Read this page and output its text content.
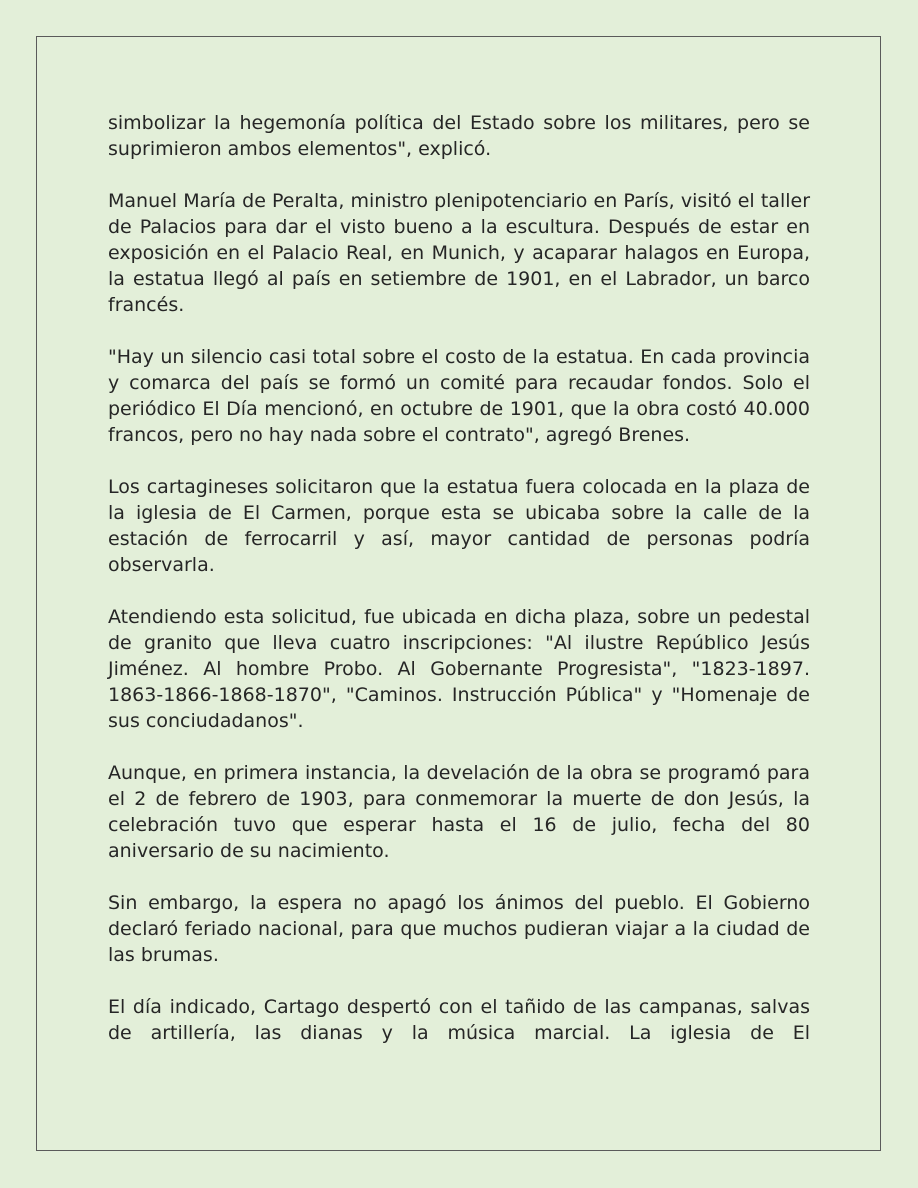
simbolizar la hegemonía política del Estado sobre los militares, pero se suprimieron ambos elementos", explicó.

Manuel María de Peralta, ministro plenipotenciario en París, visitó el taller de Palacios para dar el visto bueno a la escultura. Después de estar en exposición en el Palacio Real, en Munich, y acaparar halagos en Europa, la estatua llegó al país en setiembre de 1901, en el Labrador, un barco francés.

"Hay un silencio casi total sobre el costo de la estatua. En cada provincia y comarca del país se formó un comité para recaudar fondos. Solo el periódico El Día mencionó, en octubre de 1901, que la obra costó 40.000 francos, pero no hay nada sobre el contrato", agregó Brenes.

Los cartagineses solicitaron que la estatua fuera colocada en la plaza de la iglesia de El Carmen, porque esta se ubicaba sobre la calle de la estación de ferrocarril y así, mayor cantidad de personas podría observarla.

Atendiendo esta solicitud, fue ubicada en dicha plaza, sobre un pedestal de granito que lleva cuatro inscripciones: "Al ilustre Repúblico Jesús Jiménez. Al hombre Probo. Al Gobernante Progresista", "1823-1897. 1863-1866-1868-1870", "Caminos. Instrucción Pública" y "Homenaje de sus conciudadanos".

Aunque, en primera instancia, la develación de la obra se programó para el 2 de febrero de 1903, para conmemorar la muerte de don Jesús, la celebración tuvo que esperar hasta el 16 de julio, fecha del 80 aniversario de su nacimiento.

Sin embargo, la espera no apagó los ánimos del pueblo. El Gobierno declaró feriado nacional, para que muchos pudieran viajar a la ciudad de las brumas.

El día indicado, Cartago despertó con el tañido de las campanas, salvas de artillería, las dianas y la música marcial. La iglesia de El
